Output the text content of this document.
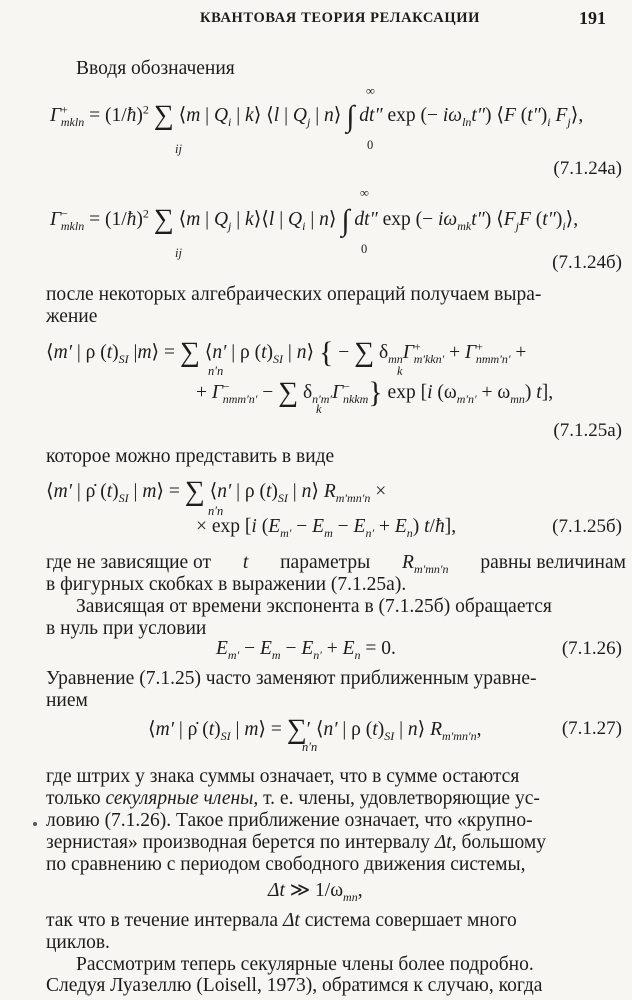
КВАНТОВАЯ ТЕОРИЯ РЕЛАКСАЦИИ	191
Вводя обозначения
$\Gamma^+_{mkln}$ = (1/ħ)$^2$ ∑ ⟨m | $Q_i$ | k⟩ ⟨l | $Q_j$ | n⟩ ∫ dt″ exp (− $i\omega_{ln}t''$) ⟨F $(t'')_i$ $F_j⟩$,
ij
∞
0
(7.1.24а)
$\Gamma^-_{mkln}$ = (1/ħ)$^2$ ∑ ⟨m | $Q_j$ | k⟩⟨l | $Q_i$ | n⟩ ∫ dt″ exp (− $i\omega_{mk}t''$) $⟨F_jF$ $(t'')_i⟩$,
ij
∞
0
(7.1.24б)
после некоторых алгебраических операций получаем выра-
жение
⟨m′ | ρ $(t)_{SI}$ |m⟩ = ∑ ⟨n′ | ρ $(t)_{SI}$ | n⟩ { − ∑ $\delta_{mn}\Gamma^+_{m'kkn'} + \Gamma^+_{nmm'n'}$ +
n′n	k
+ $\Gamma^-_{nmm'n'}$ − ∑ $\delta_{n'm'}\Gamma^-_{nkkm}$} exp [i $(\omega_{m'n'} + \omega_{mn})$ t],
k
(7.1.25а)
которое можно представить в виде
⟨m′ | ρ̇ $(t)_{SI}$ | m⟩ = ∑ ⟨n′ | ρ $(t)_{SI}$ | n⟩ $R_{m'mn'n}$ ×
n′n
× exp [i $(E_{m'} - E_m - E_{n'} + E_n)$ t/ħ],	(7.1.25б)
где не зависящие от t параметры $R_{m'mn'n}$ равны величинам
в фигурных скобках в выражении (7.1.25а).
Зависящая от времени экспонента в (7.1.25б) обращается
в нуль при условии
$E_{m'} - E_m - E_{n'} + E_n = 0$.	(7.1.26)
Уравнение (7.1.25) часто заменяют приближенным уравне-
нием
⟨m′ | ρ̇ $(t)_{SI}$ | m⟩ = ∑′ ⟨n′ | ρ $(t)_{SI}$ | n⟩ $R_{m'mn'n}$,
n′n
(7.1.27)
где штрих у знака суммы означает, что в сумме остаются
только секулярные члены, т. е. члены, удовлетворяющие ус-
ловию (7.1.26). Такое приближение означает, что «крупно-
зернистая» производная берется по интервалу Δt, большому
по сравнению с периодом свободного движения системы,
Δt ≫ $1/\omega_{mn}$,
так что в течение интервала Δt система совершает много
циклов.
Рассмотрим теперь секулярные члены более подробно.
Следуя Луазеллю (Loisell, 1973), обратимся к случаю, когда
